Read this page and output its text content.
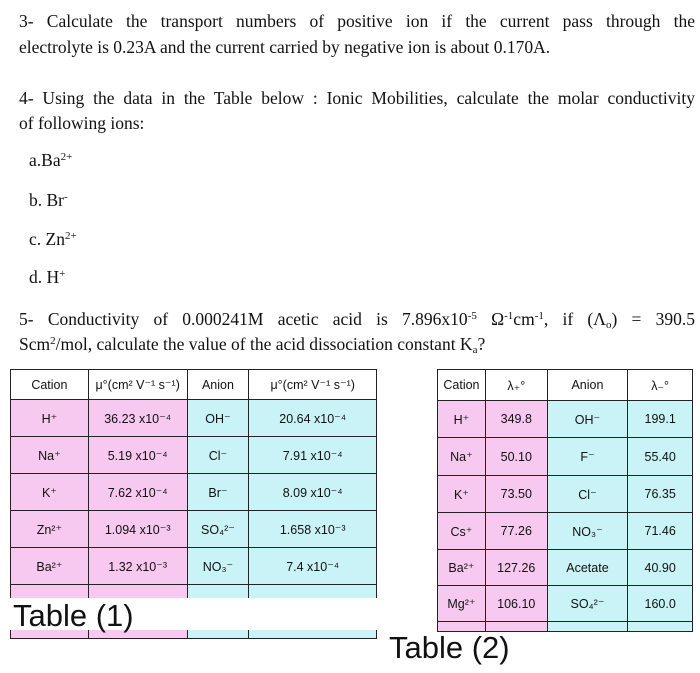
3- Calculate the transport numbers of positive ion if the current pass through the
electrolyte is 0.23A and the current carried by negative ion is about 0.170A.
4- Using the data in the Table below : Ionic Mobilities, calculate the molar conductivity
of following ions:
$a.Ba^{2+}$
b. Br-
c. $Zn^{2+}$
d. H+
5- Conductivity of 0.000241M acetic acid is $7.896x10^{-5}$ $\Omega^{-1}cm^{-1}$, if $(\Lambda_o) = 390.5$
Scm$^2$/mol, calculate the value of the acid dissociation constant $K_a$?
Cation	μ°(cm² V⁻¹ s⁻¹)	Anion	μ°(cm² V⁻¹ s⁻¹)
H⁺	36.23 x10⁻⁴	OH⁻	20.64 x10⁻⁴
Na⁺	5.19 x10⁻⁴	Cl⁻	7.91 x10⁻⁴
K⁺	7.62 x10⁻⁴	Br⁻	8.09 x10⁻⁴
Zn²⁺	1.094 x10⁻³	SO₄²⁻	1.658 x10⁻³
Ba²⁺	1.32 x10⁻³	NO₃⁻	7.4 x10⁻⁴

Table (1)
Cation	λ₊°	Anion	λ₋°
H⁺	349.8	OH⁻	199.1
Na⁺	50.10	F⁻	55.40
K⁺	73.50	Cl⁻	76.35
Cs⁺	77.26	NO₃⁻	71.46
Ba²⁺	127.26	Acetate	40.90
Mg²⁺	106.10	SO₄²⁻	160.0

Table (2)
